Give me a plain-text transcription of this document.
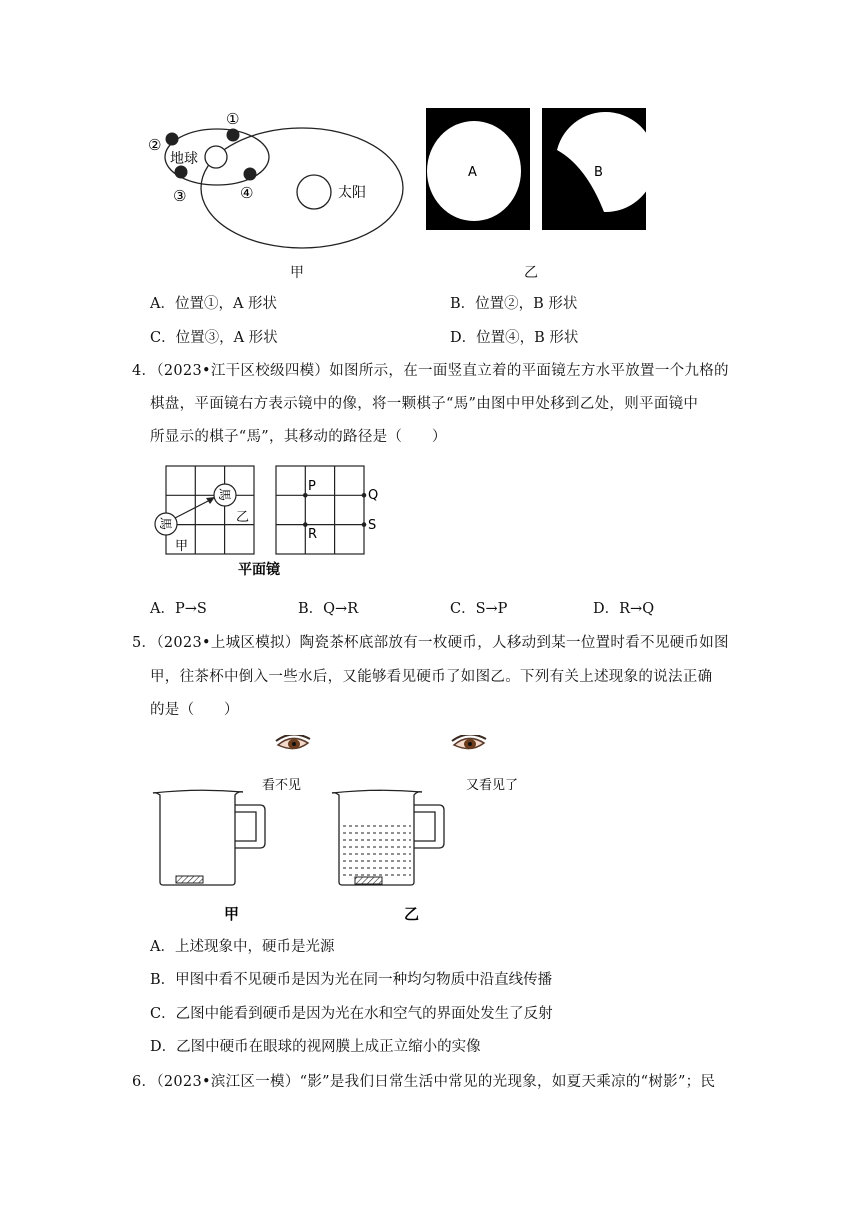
地球
太阳
①
②
③	④
甲
A	B
乙
A．位置①，A 形状	B．位置②，B 形状
C．位置③，A 形状	D．位置④，B 形状
4．（2023•江干区校级四模）如图所示，在一面竖直立着的平面镜左方水平放置一个九格的
棋盘，平面镜右方表示镜中的像，将一颗棋子“馬”由图中甲处移到乙处，则平面镜中
所显示的棋子“馬”，其移动的路径是（　　）
馬
馬
甲
乙
P
Q
R
S
平面镜
A．P→S	B．Q→R	C．S→P	D．R→Q
5．（2023•上城区模拟）陶瓷茶杯底部放有一枚硬币，人移动到某一位置时看不见硬币如图
甲，往茶杯中倒入一些水后，又能够看见硬币了如图乙。下列有关上述现象的说法正确
的是（　　）
看不见	又看见了
甲	乙
A．上述现象中，硬币是光源
B．甲图中看不见硬币是因为光在同一种均匀物质中沿直线传播
C．乙图中能看到硬币是因为光在水和空气的界面处发生了反射
D．乙图中硬币在眼球的视网膜上成正立缩小的实像
6．（2023•滨江区一模）“影”是我们日常生活中常见的光现象，如夏天乘凉的“树影”；民
